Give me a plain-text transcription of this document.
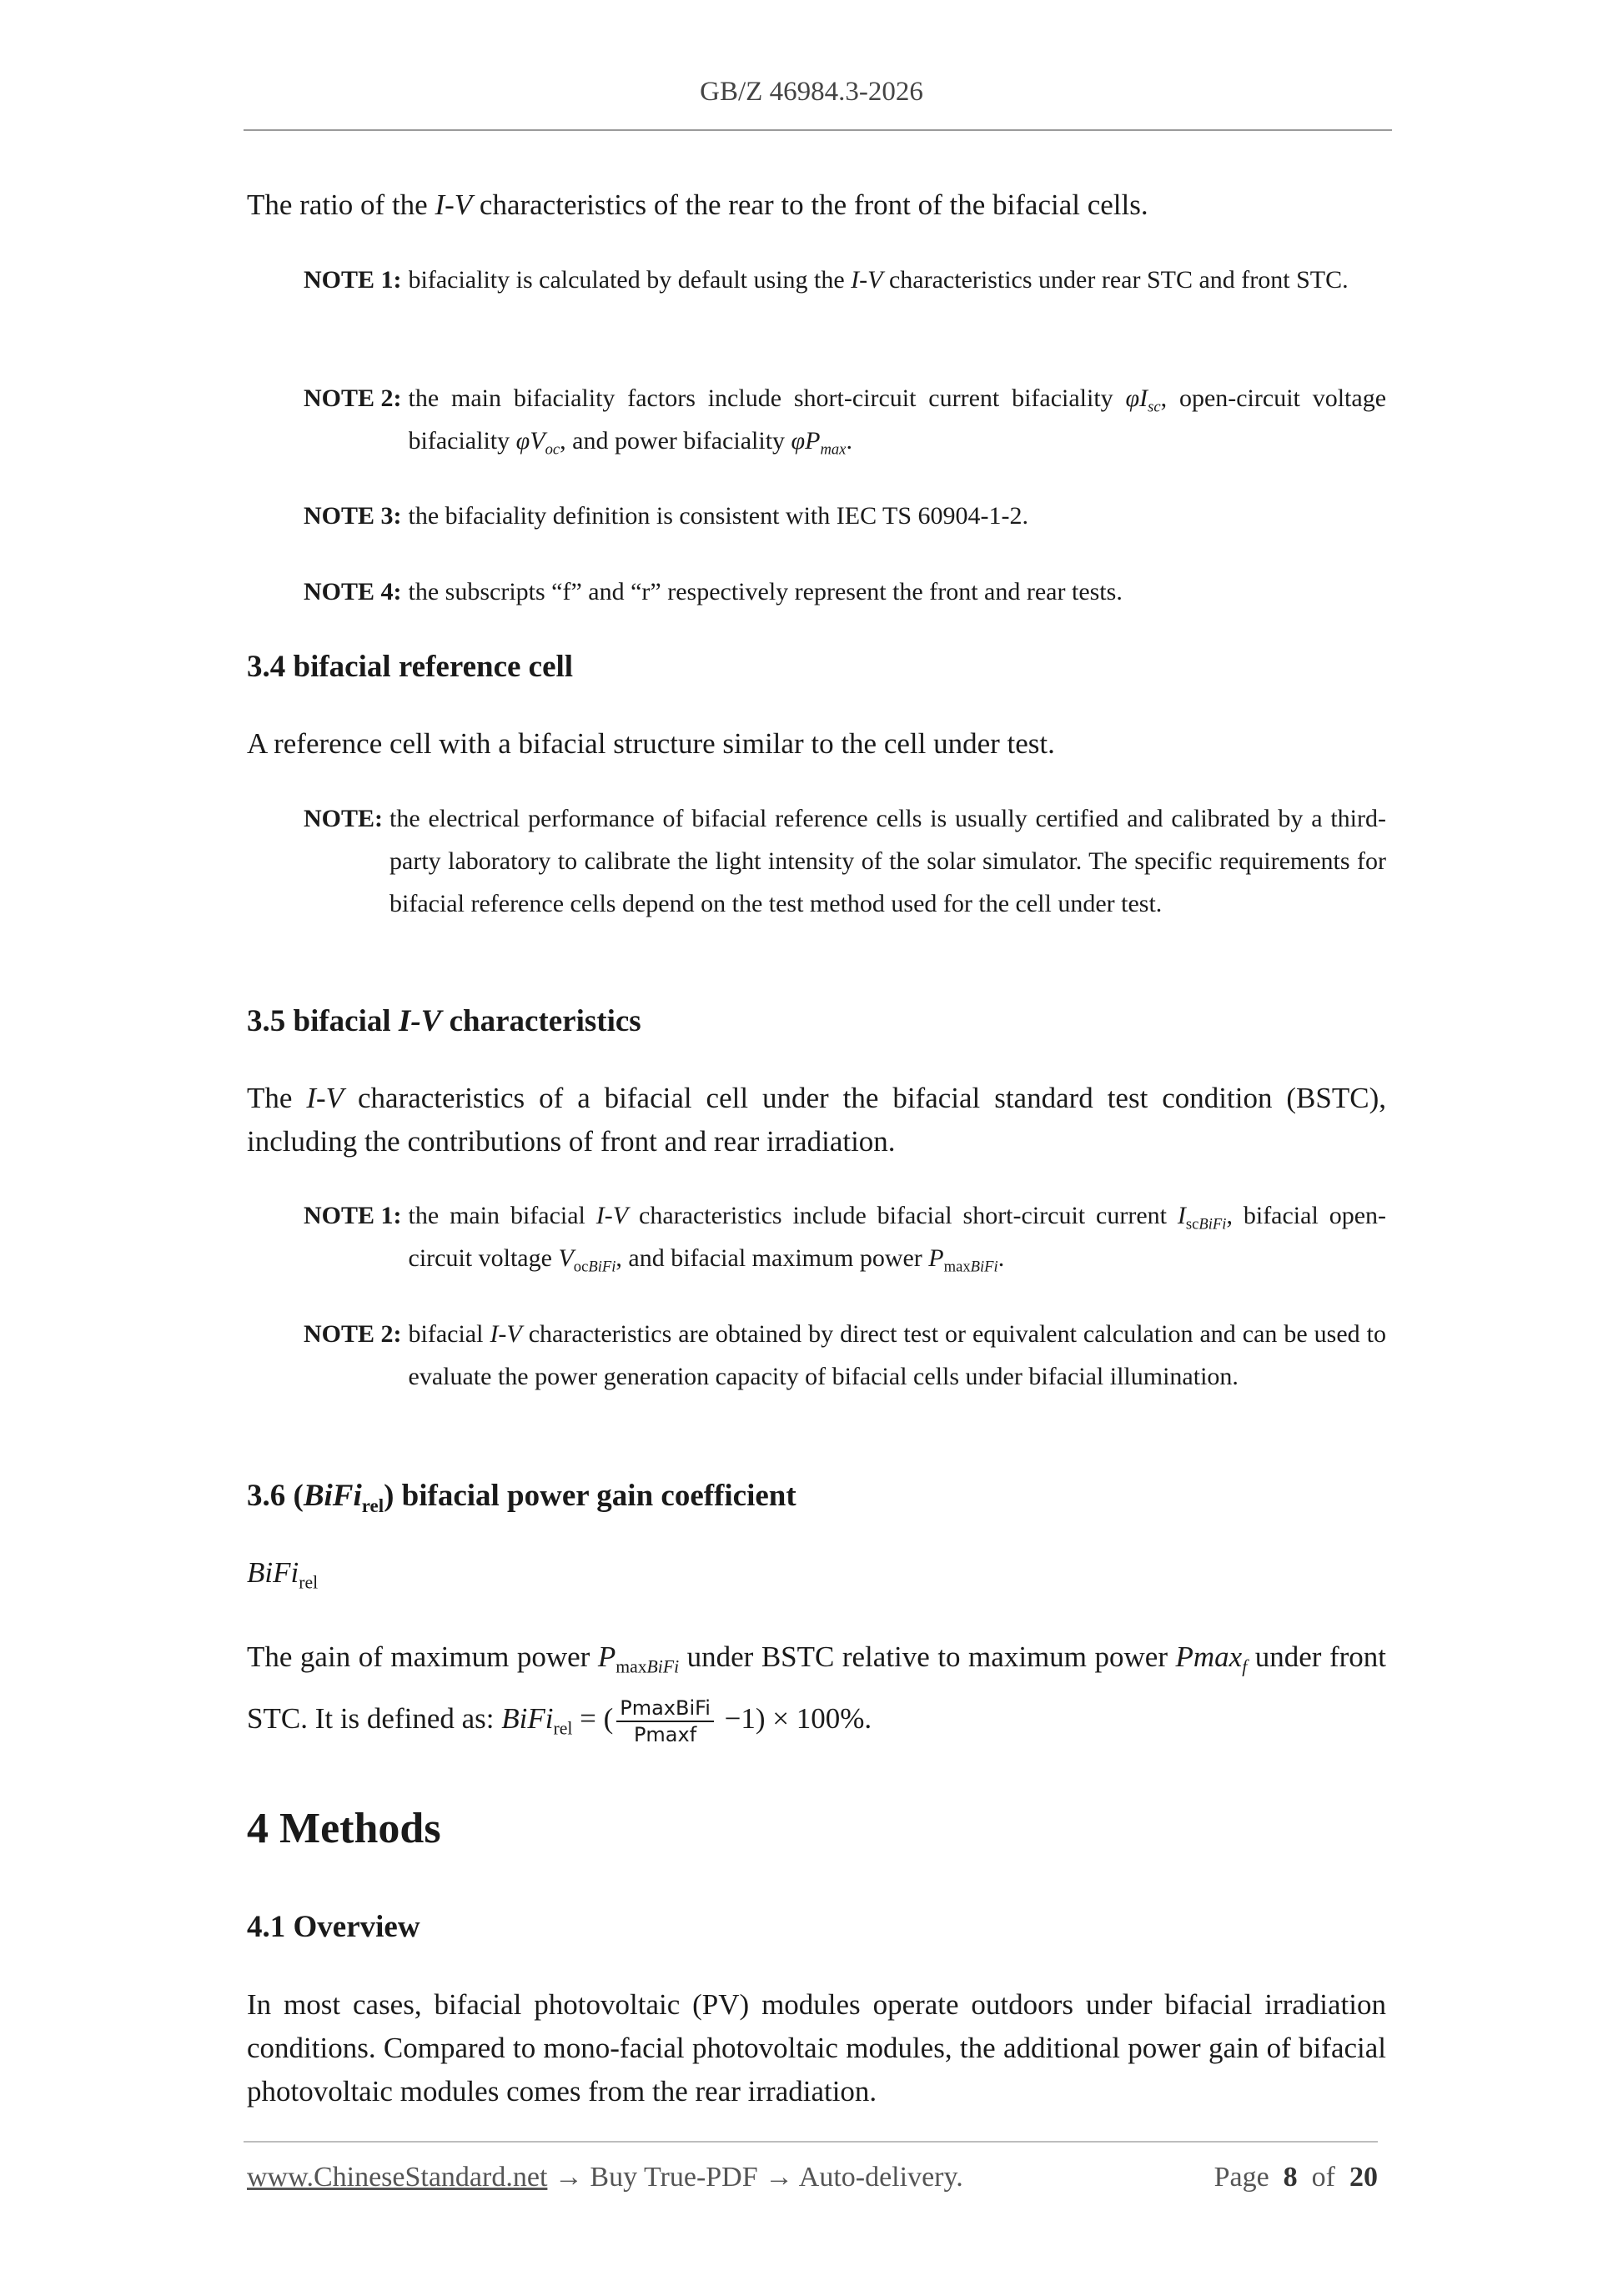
GB/Z 46984.3-2026
The ratio of the I-V characteristics of the rear to the front of the bifacial cells.
NOTE 1: bifaciality is calculated by default using the I-V characteristics under rear STC and front STC.
NOTE 2: the main bifaciality factors include short-circuit current bifaciality $\varphi I_{sc}$, open-circuit voltage bifaciality $\varphi V_{oc}$, and power bifaciality $\varphi P_{max}$.
NOTE 3: the bifaciality definition is consistent with IEC TS 60904-1-2.
NOTE 4: the subscripts “f” and “r” respectively represent the front and rear tests.
3.4 bifacial reference cell
A reference cell with a bifacial structure similar to the cell under test.
NOTE: the electrical performance of bifacial reference cells is usually certified and calibrated by a third-party laboratory to calibrate the light intensity of the solar simulator. The specific requirements for bifacial reference cells depend on the test method used for the cell under test.
3.5 bifacial I-V characteristics
The I-V characteristics of a bifacial cell under the bifacial standard test condition (BSTC), including the contributions of front and rear irradiation.
NOTE 1: the main bifacial I-V characteristics include bifacial short-circuit current $I_{scBiFi}$, bifacial open-circuit voltage $V_{ocBiFi}$, and bifacial maximum power $P_{maxBiFi}$.
NOTE 2: bifacial I-V characteristics are obtained by direct test or equivalent calculation and can be used to evaluate the power generation capacity of bifacial cells under bifacial illumination.
3.6 (BiFi$_{rel}$) bifacial power gain coefficient
BiFi$_{rel}$
The gain of maximum power $P_{maxBiFi}$ under BSTC relative to maximum power Pmax$_f$ under front STC. It is defined as: BiFi$_{rel}$ = ( $\frac{\text{PmaxBiFi}}{Pmaxf} -1) \times 100\%$.
4 Methods
4.1 Overview
In most cases, bifacial photovoltaic (PV) modules operate outdoors under bifacial irradiation conditions. Compared to mono-facial photovoltaic modules, the additional power gain of bifacial photovoltaic modules comes from the rear irradiation.
www.ChineseStandard.net → Buy True-PDF → Auto-delivery.	Page 8 of 20
